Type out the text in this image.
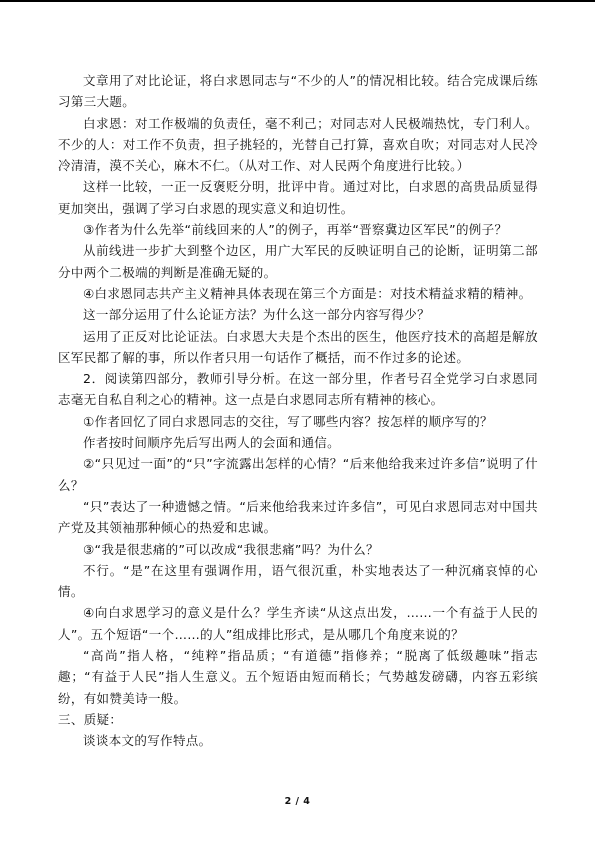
文章用了对比论证，将白求恩同志与“不少的人”的情况相比较。结合完成课后练习第三大题。

白求恩：对工作极端的负责任，毫不利己；对同志对人民极端热忱，专门利人。不少的人：对工作不负责，担子挑轻的，光替自己打算，喜欢自吹；对同志对人民冷冷清清，漠不关心，麻木不仁。（从对工作、对人民两个角度进行比较。）

这样一比较，一正一反褒贬分明，批评中肯。通过对比，白求恩的高贵品质显得更加突出，强调了学习白求恩的现实意义和迫切性。

③作者为什么先举“前线回来的人”的例子，再举“晋察冀边区军民”的例子？

从前线进一步扩大到整个边区，用广大军民的反映证明自己的论断，证明第二部分中两个二极端的判断是准确无疑的。

④白求恩同志共产主义精神具体表现在第三个方面是：对技术精益求精的精神。

这一部分运用了什么论证方法？为什么这一部分内容写得少？

运用了正反对比论证法。白求恩大夫是个杰出的医生，他医疗技术的高超是解放区军民都了解的事，所以作者只用一句话作了概括，而不作过多的论述。

2．阅读第四部分，教师引导分析。在这一部分里，作者号召全党学习白求恩同志毫无自私自利之心的精神。这一点是白求恩同志所有精神的核心。

①作者回忆了同白求恩同志的交往，写了哪些内容？按怎样的顺序写的？

作者按时间顺序先后写出两人的会面和通信。

②“只见过一面”的“只”字流露出怎样的心情？“后来他给我来过许多信”说明了什么？

“只”表达了一种遗憾之情。“后来他给我来过许多信”，可见白求恩同志对中国共产党及其领袖那种倾心的热爱和忠诚。

③“我是很悲痛的”可以改成“我很悲痛”吗？为什么？

不行。“是”在这里有强调作用，语气很沉重，朴实地表达了一种沉痛哀悼的心情。

④向白求恩学习的意义是什么？学生齐读“从这点出发，……一个有益于人民的人”。五个短语“一个……的人”组成排比形式，是从哪几个角度来说的？

“高尚”指人格，“纯粹”指品质；“有道德”指修养；“脱离了低级趣味”指志趣；“有益于人民”指人生意义。五个短语由短而稍长；气势越发磅礴，内容五彩缤纷，有如赞美诗一般。

三、质疑：

谈谈本文的写作特点。

2 / 4
